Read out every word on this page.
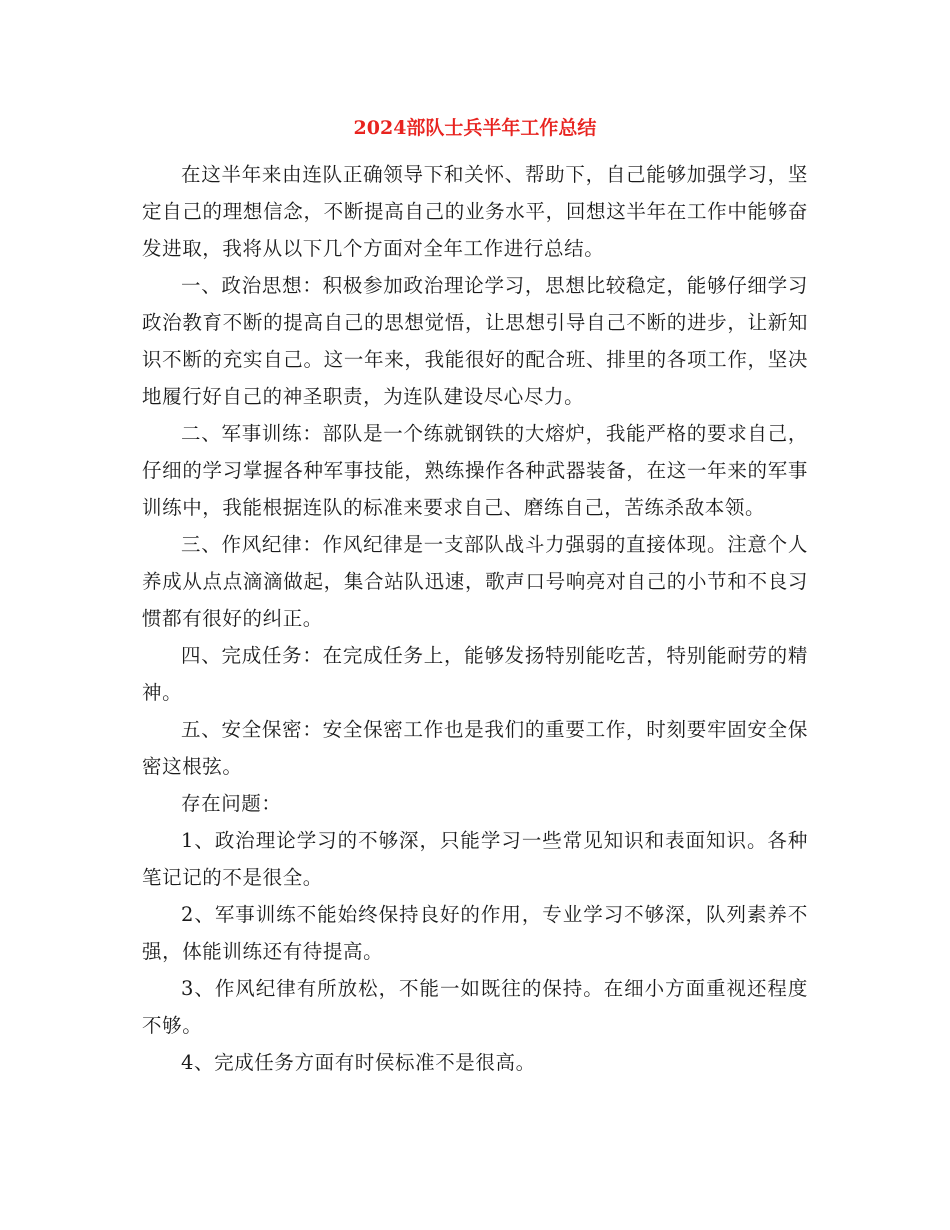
2024部队士兵半年工作总结

在这半年来由连队正确领导下和关怀、帮助下，自己能够加强学习，坚定自己的理想信念，不断提高自己的业务水平，回想这半年在工作中能够奋发进取，我将从以下几个方面对全年工作进行总结。

一、政治思想：积极参加政治理论学习，思想比较稳定，能够仔细学习政治教育不断的提高自己的思想觉悟，让思想引导自己不断的进步，让新知识不断的充实自己。这一年来，我能很好的配合班、排里的各项工作，坚决地履行好自己的神圣职责，为连队建设尽心尽力。

二、军事训练：部队是一个练就钢铁的大熔炉，我能严格的要求自己，仔细的学习掌握各种军事技能，熟练操作各种武器装备，在这一年来的军事训练中，我能根据连队的标准来要求自己、磨练自己，苦练杀敌本领。

三、作风纪律：作风纪律是一支部队战斗力强弱的直接体现。注意个人养成从点点滴滴做起，集合站队迅速，歌声口号响亮对自己的小节和不良习惯都有很好的纠正。

四、完成任务：在完成任务上，能够发扬特别能吃苦，特别能耐劳的精神。

五、安全保密：安全保密工作也是我们的重要工作，时刻要牢固安全保密这根弦。

存在问题：

1、政治理论学习的不够深，只能学习一些常见知识和表面知识。各种笔记记的不是很全。

2、军事训练不能始终保持良好的作用，专业学习不够深，队列素养不强，体能训练还有待提高。

3、作风纪律有所放松，不能一如既往的保持。在细小方面重视还程度不够。

4、完成任务方面有时侯标准不是很高。
